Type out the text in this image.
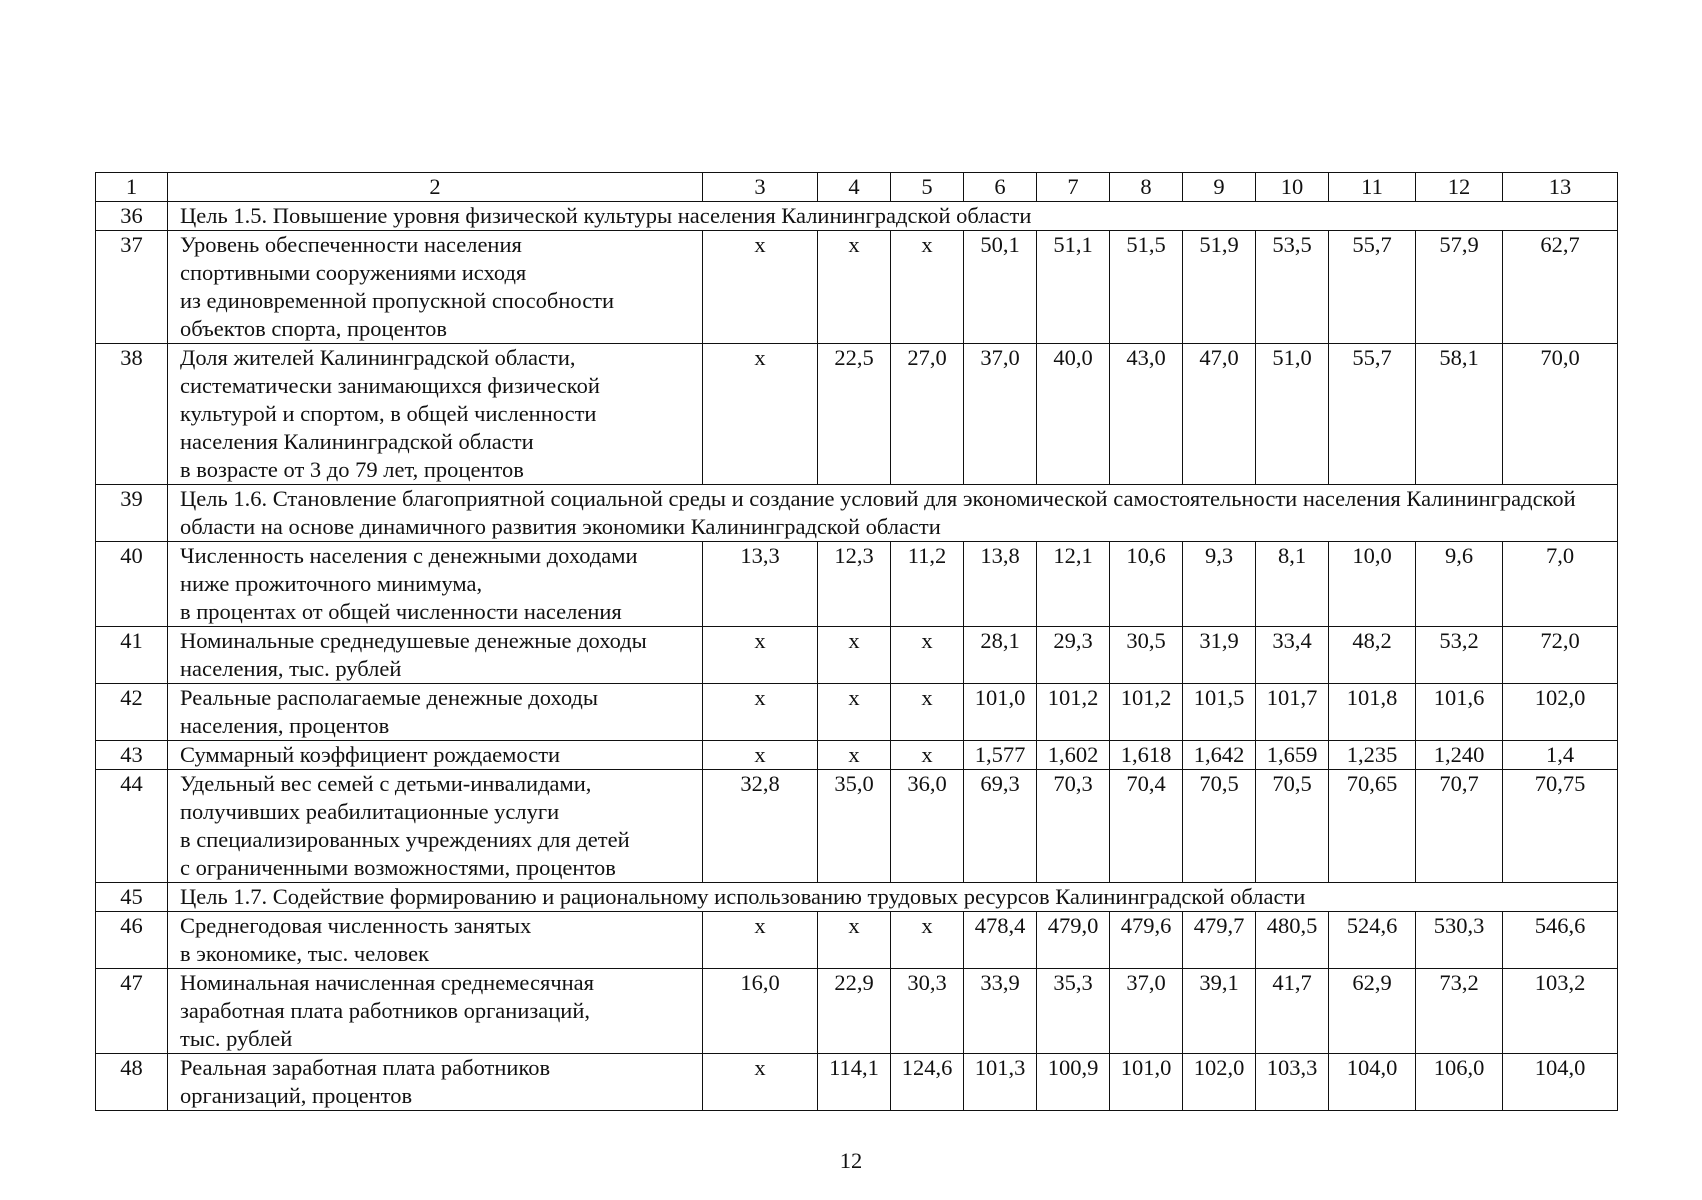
1	2	3	4	5	6	7	8	9	10	11	12	13
36	Цель 1.5. Повышение уровня физической культуры населения Калининградской области											
37	Уровень обеспеченности населения
спортивными сооружениями исходя
из единовременной пропускной способности
объектов спорта, процентов	х	х	х	50,1	51,1	51,5	51,9	53,5	55,7	57,9	62,7
38	Доля жителей Калининградской области,
систематически занимающихся физической
культурой и спортом, в общей численности
населения Калининградской области
в возрасте от 3 до 79 лет, процентов	х	22,5	27,0	37,0	40,0	43,0	47,0	51,0	55,7	58,1	70,0
39	Цель 1.6. Становление благоприятной социальной среды и создание условий для экономической самостоятельности населения Калининградской области на основе динамичного развития экономики Калининградской области											
40	Численность населения с денежными доходами
ниже прожиточного минимума,
в процентах от общей численности населения	13,3	12,3	11,2	13,8	12,1	10,6	9,3	8,1	10,0	9,6	7,0
41	Номинальные среднедушевые денежные доходы
населения, тыс. рублей	х	х	х	28,1	29,3	30,5	31,9	33,4	48,2	53,2	72,0
42	Реальные располагаемые денежные доходы
населения, процентов	х	х	х	101,0	101,2	101,2	101,5	101,7	101,8	101,6	102,0
43	Суммарный коэффициент рождаемости	х	х	х	1,577	1,602	1,618	1,642	1,659	1,235	1,240	1,4
44	Удельный вес семей с детьми-инвалидами,
получивших реабилитационные услуги
в специализированных учреждениях для детей
с ограниченными возможностями, процентов	32,8	35,0	36,0	69,3	70,3	70,4	70,5	70,5	70,65	70,7	70,75
45	Цель 1.7. Содействие формированию и рациональному использованию трудовых ресурсов Калининградской области											
46	Среднегодовая численность занятых
в экономике, тыс. человек	х	х	х	478,4	479,0	479,6	479,7	480,5	524,6	530,3	546,6
47	Номинальная начисленная среднемесячная
заработная плата работников организаций,
тыс. рублей	16,0	22,9	30,3	33,9	35,3	37,0	39,1	41,7	62,9	73,2	103,2
48	Реальная заработная плата работников
организаций, процентов	х	114,1	124,6	101,3	100,9	101,0	102,0	103,3	104,0	106,0	104,0
12
